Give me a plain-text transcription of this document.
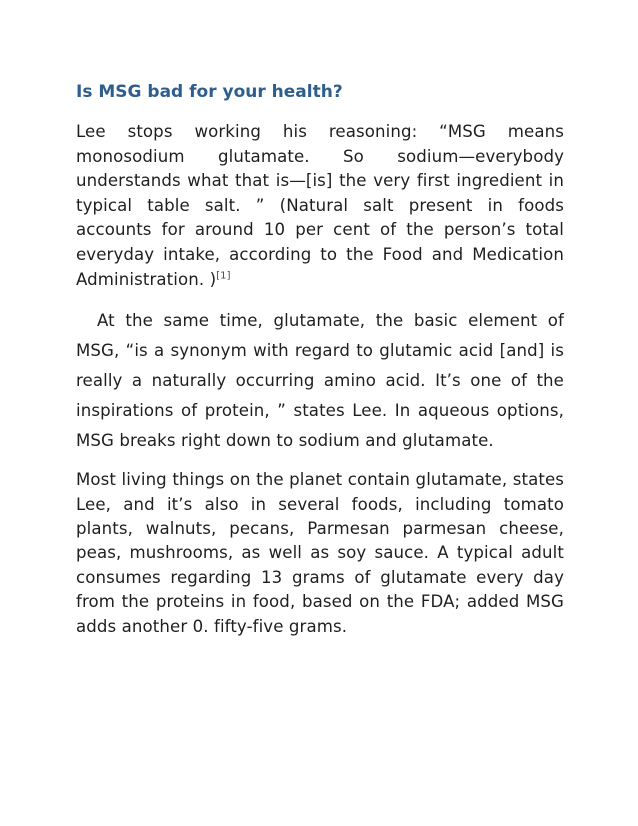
Is MSG bad for your health?

Lee stops working his reasoning: “MSG means monosodium glutamate. So sodium—everybody understands what that is—[is] the very first ingredient in typical table salt. ” (Natural salt present in foods accounts for around 10 per cent of the person’s total everyday intake, according to the Food and Medication Administration. )[1]

At the same time, glutamate, the basic element of MSG, “is a synonym with regard to glutamic acid [and] is really a naturally occurring amino acid. It’s one of the inspirations of protein, ” states Lee. In aqueous options, MSG breaks right down to sodium and glutamate.

Most living things on the planet contain glutamate, states Lee, and it’s also in several foods, including tomato plants, walnuts, pecans, Parmesan parmesan cheese, peas, mushrooms, as well as soy sauce. A typical adult consumes regarding 13 grams of glutamate every day from the proteins in food, based on the FDA; added MSG adds another 0. fifty-five grams.
